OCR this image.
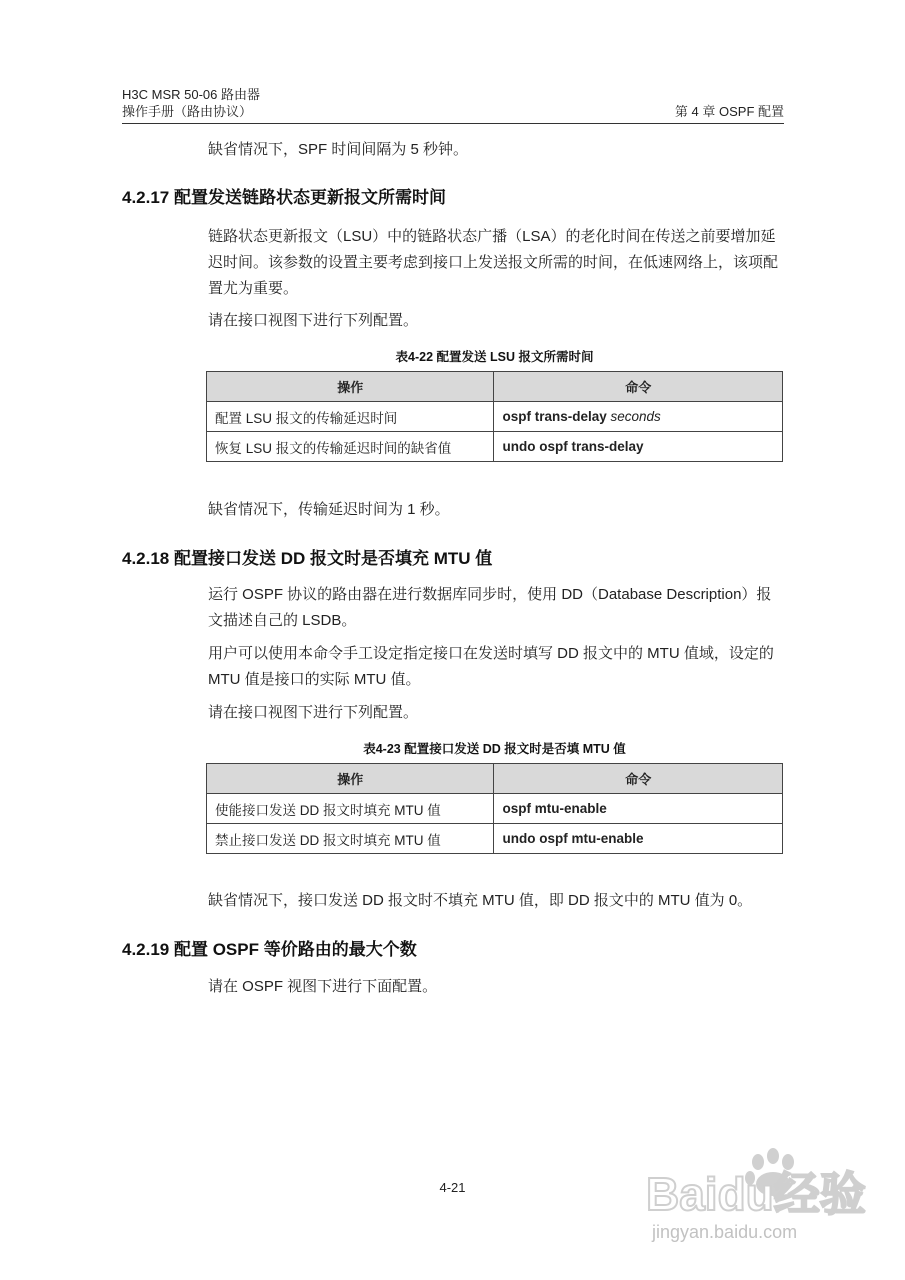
H3C MSR 50-06 路由器
操作手册（路由协议）	第 4 章 OSPF 配置
缺省情况下，SPF 时间间隔为 5 秒钟。
4.2.17 配置发送链路状态更新报文所需时间
链路状态更新报文（LSU）中的链路状态广播（LSA）的老化时间在传送之前要增加延迟时间。该参数的设置主要考虑到接口上发送报文所需的时间，在低速网络上，该项配置尤为重要。
请在接口视图下进行下列配置。
表4-22 配置发送 LSU 报文所需时间
操作	命令
配置 LSU 报文的传输延迟时间	ospf trans-delay seconds
恢复 LSU 报文的传输延迟时间的缺省值	undo ospf trans-delay
缺省情况下，传输延迟时间为 1 秒。
4.2.18 配置接口发送 DD 报文时是否填充 MTU 值
运行 OSPF 协议的路由器在进行数据库同步时，使用 DD（Database Description）报文描述自己的 LSDB。
用户可以使用本命令手工设定指定接口在发送时填写 DD 报文中的 MTU 值域，设定的 MTU 值是接口的实际 MTU 值。
请在接口视图下进行下列配置。
表4-23 配置接口发送 DD 报文时是否填 MTU 值
操作	命令
使能接口发送 DD 报文时填充 MTU 值	ospf mtu-enable
禁止接口发送 DD 报文时填充 MTU 值	undo ospf mtu-enable
缺省情况下，接口发送 DD 报文时不填充 MTU 值，即 DD 报文中的 MTU 值为 0。
4.2.19 配置 OSPF 等价路由的最大个数
请在 OSPF 视图下进行下面配置。
4-21	Baidu经验
jingyan.baidu.com
